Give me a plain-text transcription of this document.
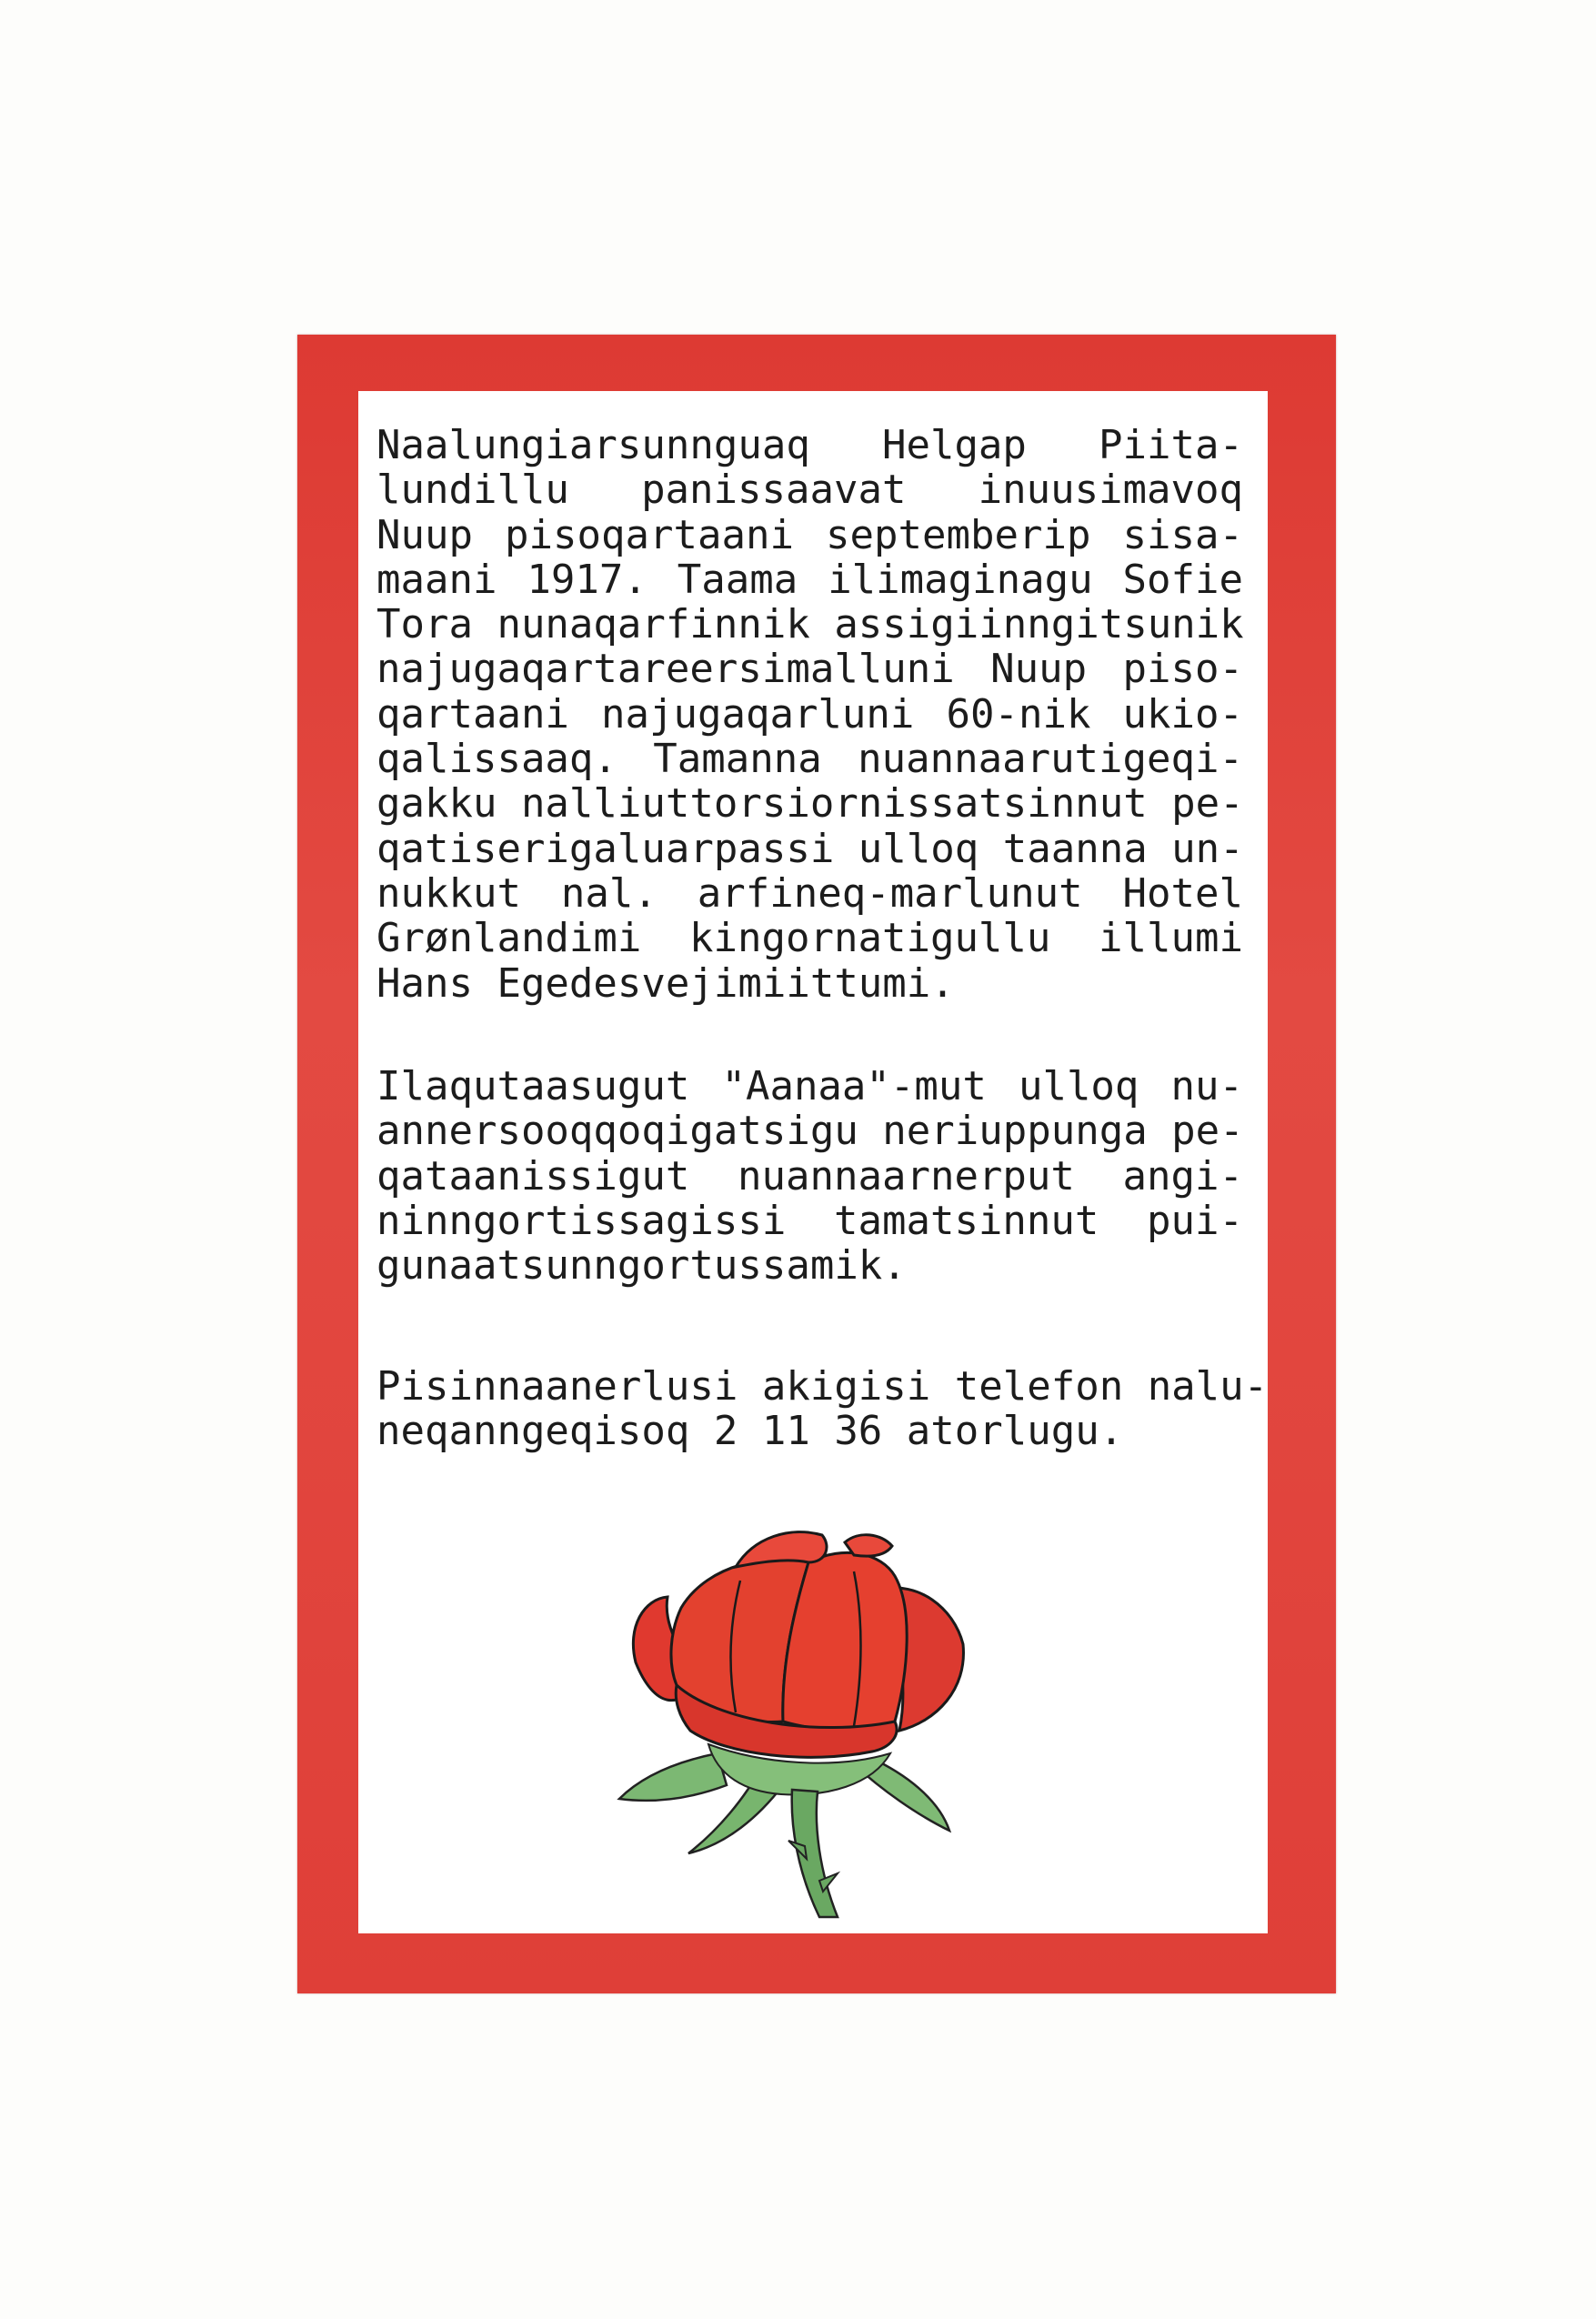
Naalungiarsunnguaq Helgap Piita-
lundillu panissaavat inuusimavoq
Nuup pisoqartaani septemberip sisa-
maani 1917. Taama ilimaginagu Sofie
Tora nunaqarfinnik assigiinngitsunik
najugaqartareersimalluni Nuup piso-
qartaani najugaqarluni 60-nik ukio-
qalissaaq. Tamanna nuannaarutigeqi-
gakku nalliuttorsiornissatsinnut pe-
qatiserigaluarpassi ulloq taanna un-
nukkut nal. arfineq-marlunut Hotel
Grønlandimi kingornatigullu illumi
Hans Egedesvejimiittumi.
Ilaqutaasugut "Aanaa"-mut ulloq nu-
annersooqqoqigatsigu neriuppunga pe-
qataanissigut nuannaarnerput angi-
ninngortissagissi tamatsinnut pui-
gunaatsunngortussamik.
Pisinnaanerlusi akigisi telefon nalu-
neqanngeqisoq 2 11 36 atorlugu.
